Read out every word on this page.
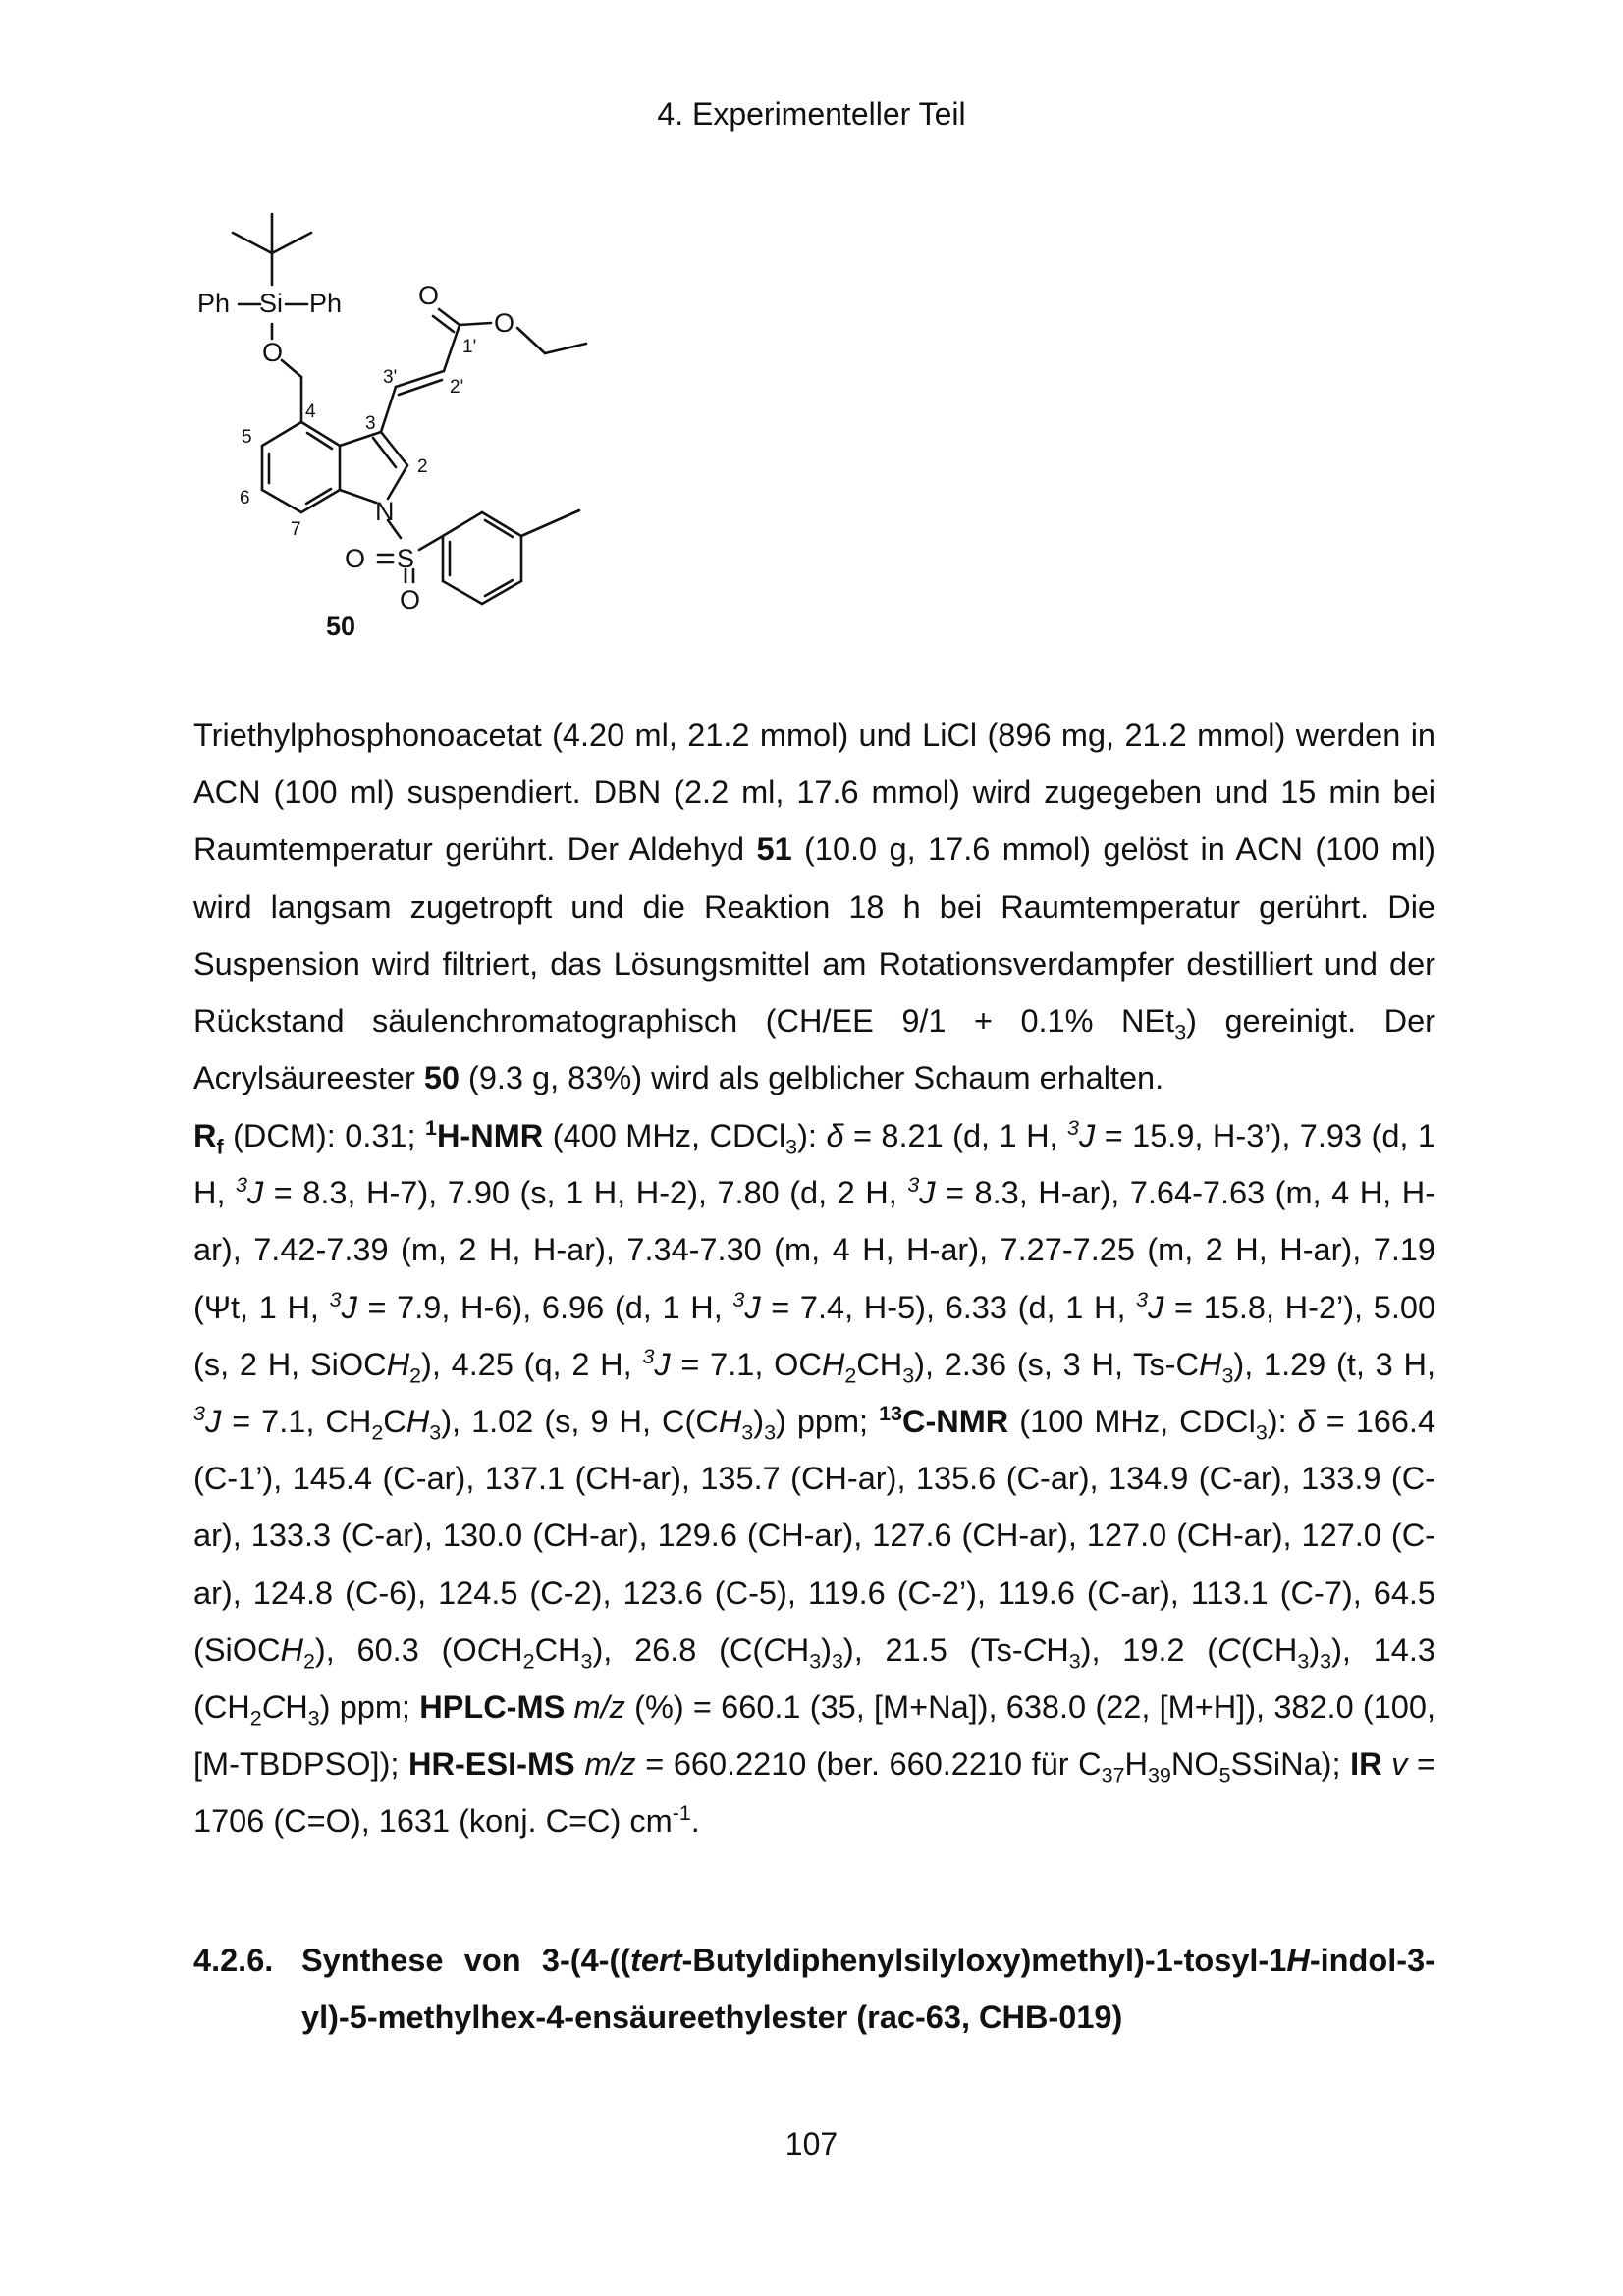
4. Experimenteller Teil
Ph Si Ph
O
O
O
N
S
O
O
4
3
5
2
6
7
3'	2'
1'
50
Triethylphosphonoacetat (4.20 ml, 21.2 mmol) und LiCl (896 mg, 21.2 mmol) werden in ACN (100 ml) suspendiert. DBN (2.2 ml, 17.6 mmol) wird zugegeben und 15 min bei Raumtemperatur gerührt. Der Aldehyd 51 (10.0 g, 17.6 mmol) gelöst in ACN (100 ml) wird langsam zugetropft und die Reaktion 18 h bei Raumtemperatur gerührt. Die Suspension wird filtriert, das Lösungsmittel am Rotationsverdampfer destilliert und der Rückstand säulenchromatographisch (CH/EE 9/1 + 0.1% NEt$_3$) gereinigt. Der Acrylsäureester 50 (9.3 g, 83%) wird als gelblicher Schaum erhalten.
$R_f$ (DCM): 0.31; $^1$H-NMR (400 MHz, CDCl$_3$): δ = 8.21 (d, 1 H, $^3$J = 15.9, H-3’), 7.93 (d, 1 H, $^3$J = 8.3, H-7), 7.90 (s, 1 H, H-2), 7.80 (d, 2 H, $^3$J = 8.3, H-ar), 7.64-7.63 (m, 4 H, H-ar), 7.42-7.39 (m, 2 H, H-ar), 7.34-7.30 (m, 4 H, H-ar), 7.27-7.25 (m, 2 H, H-ar), 7.19 (Ψt, 1 H, $^3$J = 7.9, H-6), 6.96 (d, 1 H, $^3$J = 7.4, H-5), 6.33 (d, 1 H, $^3$J = 15.8, H-2’), 5.00 (s, 2 H, SiOCH$_2$), 4.25 (q, 2 H, $^3$J = 7.1, $OCH_2CH_3$), 2.36 (s, 3 H, $Ts-CH_3$), 1.29 (t, 3 H, $^3$J = 7.1, $CH_2CH_3$), 1.02 (s, 9 H, $C(CH_3)_3$) ppm; $^{13}$C-NMR (100 MHz, CDCl$_3$): δ = 166.4 (C-1’), 145.4 (C-ar), 137.1 (CH-ar), 135.7 (CH-ar), 135.6 (C-ar), 134.9 (C-ar), 133.9 (C-ar), 133.3 (C-ar), 130.0 (CH-ar), 129.6 (CH-ar), 127.6 (CH-ar), 127.0 (CH-ar), 127.0 (C-ar), 124.8 (C-6), 124.5 (C-2), 123.6 (C-5), 119.6 (C-2’), 119.6 (C-ar), 113.1 (C-7), 64.5 (SiOCH$_2$), 60.3 $(OCH_2CH_3)$, 26.8 $(C(CH_3)_3)$, 21.5 $(Ts-CH_3)$, 19.2 $(C(CH_3)_3)$, 14.3 $(CH_2CH_3)$ ppm; HPLC-MS m/z (%) = 660.1 (35, [M+Na]), 638.0 (22, [M+H]), 382.0 (100, [M-TBDPSO]); HR-ESI-MS m/z = 660.2210 (ber. 660.2210 für $C_{37}H_{39}NO_5SSiNa$); IR v = 1706 (C=O), 1631 (konj. C=C) $cm^{-1}$.
4.2.6. Synthese von 3-(4-((tert-Butyldiphenylsilyloxy)methyl)-1-tosyl-1H-indol-3-yl)-5-methylhex-4-ensäureethylester (rac-63, CHB-019)
107
